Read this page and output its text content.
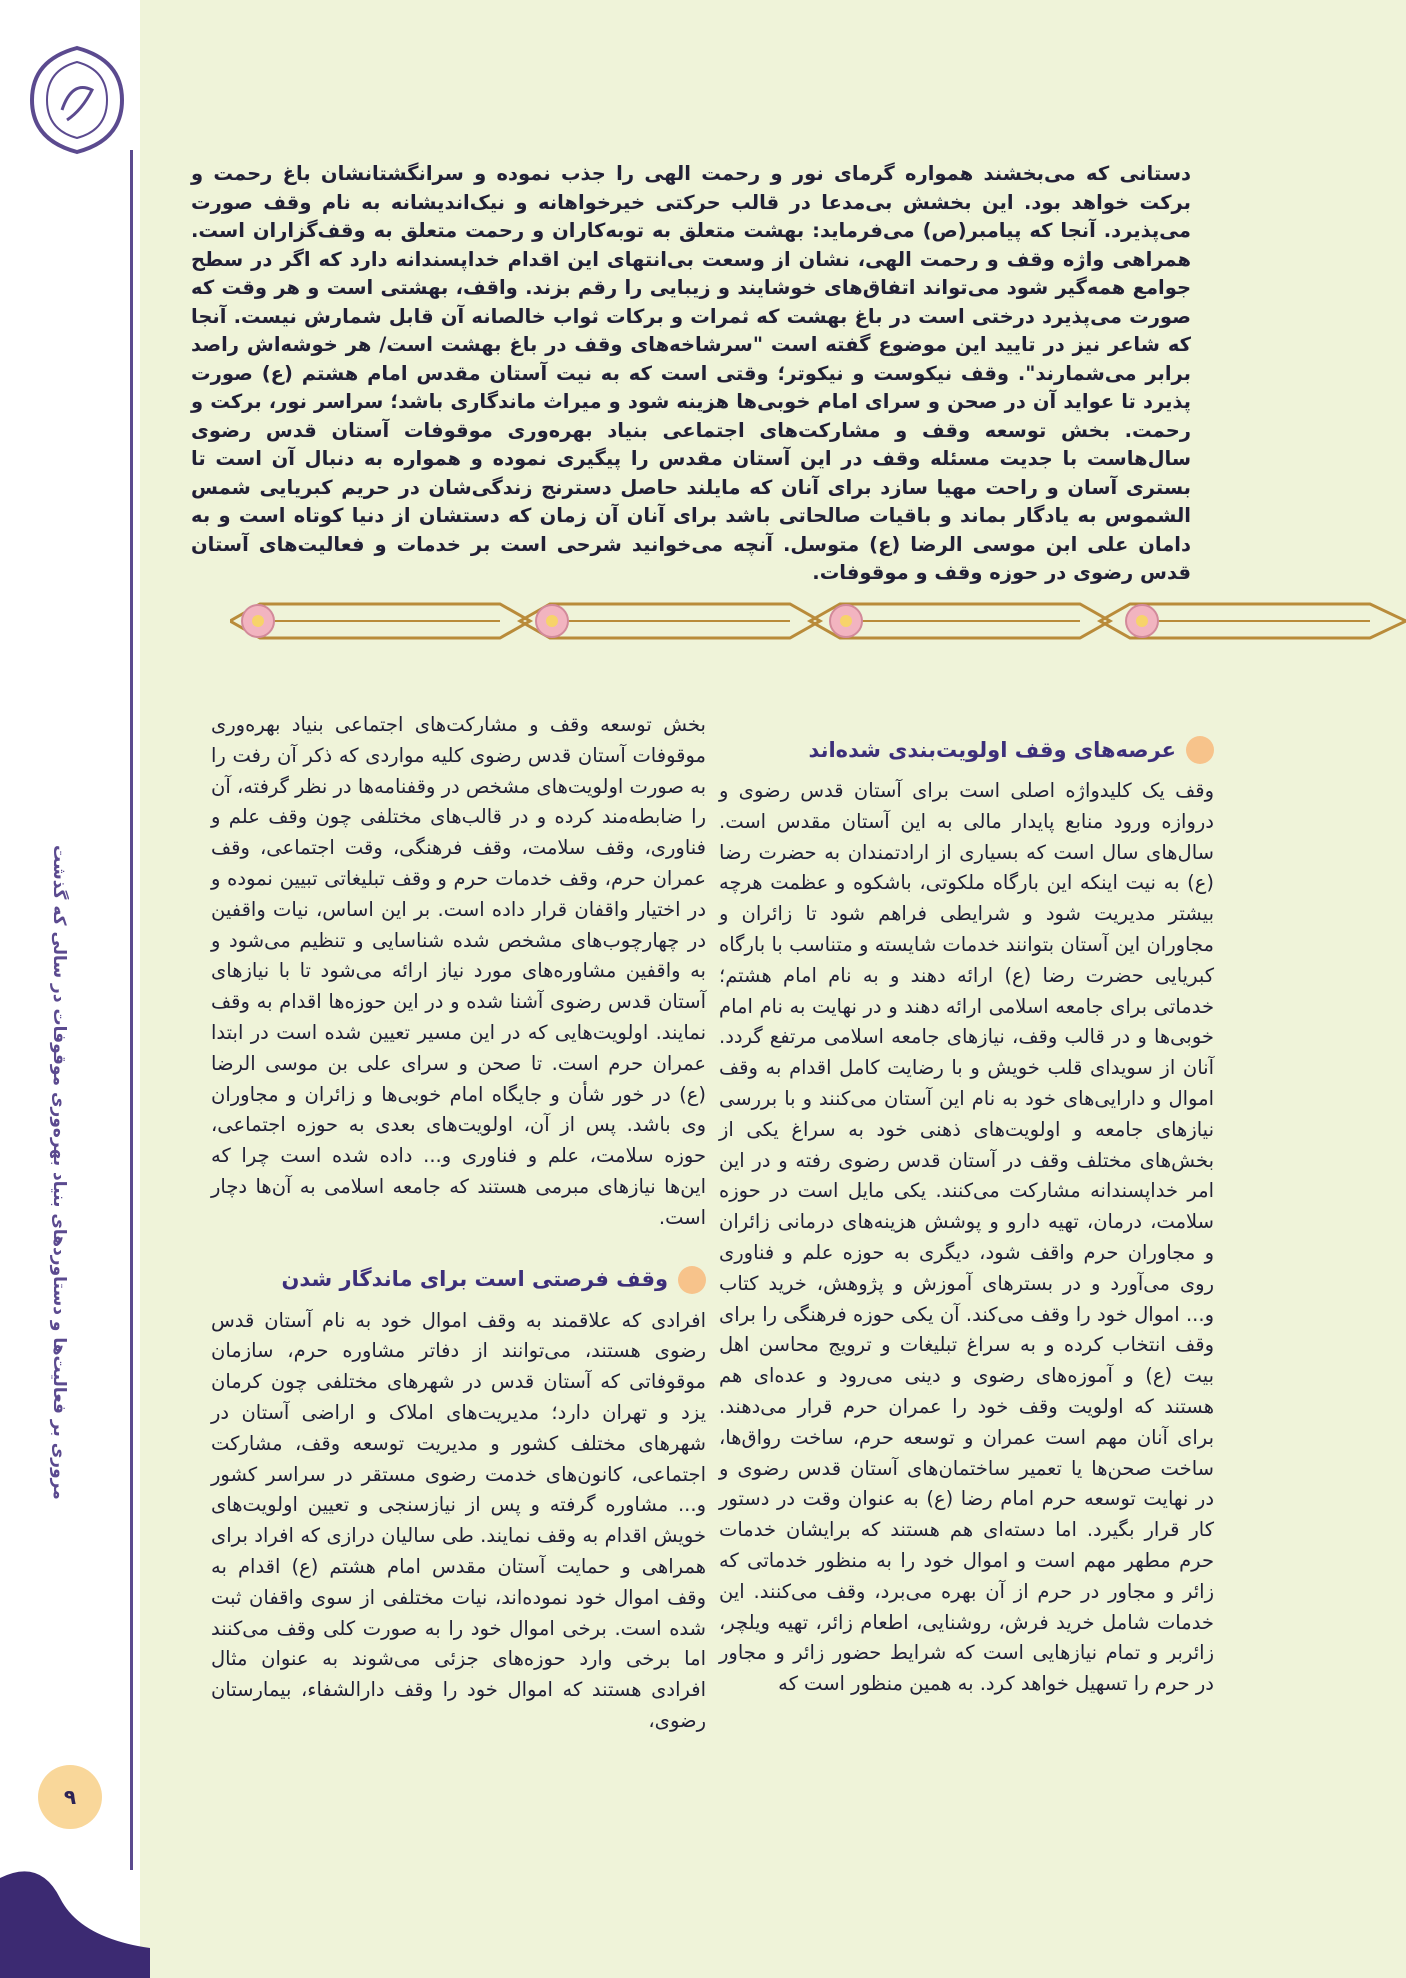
مروری بر فعالیت‌ها و دستاوردهای بنیاد بهره‌وری موقوفات در سالی که گذشت
۹

دستانی که می‌بخشند همواره گرمای نور و رحمت الهی را جذب نموده و سرانگشتانشان باغ رحمت و برکت خواهد بود. این بخشش بی‌مدعا در قالب حرکتی خیرخواهانه و نیک‌اندیشانه به نام وقف صورت می‌پذیرد. آنجا که پیامبر(ص) می‌فرماید: بهشت متعلق به توبه‌کاران و رحمت متعلق به وقف‌گزاران است. همراهی واژه وقف و رحمت الهی، نشان از وسعت بی‌انتهای این اقدام خداپسندانه دارد که اگر در سطح جوامع همه‌گیر شود می‌تواند اتفاق‌های خوشایند و زیبایی را رقم بزند. واقف، بهشتی است و هر وقت که صورت می‌پذیرد درختی است در باغ بهشت که ثمرات و برکات ثواب خالصانه آن قابل شمارش نیست. آنجا که شاعر نیز در تایید این موضوع گفته است "سرشاخه‌های وقف در باغ بهشت است/ هر خوشه‌اش راصد برابر می‌شمارند". وقف نیکوست و نیکوتر؛ وقتی است که به نیت آستان مقدس امام هشتم (ع) صورت پذیرد تا عواید آن در صحن و سرای امام خوبی‌ها هزینه شود و میراث ماندگاری باشد؛ سراسر نور، برکت و رحمت. بخش توسعه وقف و مشارکت‌های اجتماعی بنیاد بهره‌وری موقوفات آستان قدس رضوی سال‌هاست با جدیت مسئله وقف در این آستان مقدس را پیگیری نموده و همواره به دنبال آن است تا بستری آسان و راحت مهیا سازد برای آنان که مایلند حاصل دسترنج زندگی‌شان در حریم کبریایی شمس الشموس به یادگار بماند و باقیات صالحاتی باشد برای آنان آن زمان که دستشان از دنیا کوتاه است و به دامان علی ابن موسی الرضا (ع) متوسل. آنچه می‌خوانید شرحی است بر خدمات و فعالیت‌های آستان قدس رضوی در حوزه وقف و موقوفات.

عرصه‌های وقف اولویت‌بندی شده‌اند

وقف یک کلیدواژه اصلی است برای آستان قدس رضوی و دروازه ورود منابع پایدار مالی به این آستان مقدس است. سال‌های سال است که بسیاری از ارادتمندان به حضرت رضا (ع) به نیت اینکه این بارگاه ملکوتی، باشکوه و عظمت هرچه بیشتر مدیریت شود و شرایطی فراهم شود تا زائران و مجاوران این آستان بتوانند خدمات شایسته و متناسب با بارگاه کبریایی حضرت رضا (ع) ارائه دهند و به نام امام هشتم؛ خدماتی برای جامعه اسلامی ارائه دهند و در نهایت به نام امام خوبی‌ها و در قالب وقف، نیازهای جامعه اسلامی مرتفع گردد. آنان از سویدای قلب خویش و با رضایت کامل اقدام به وقف اموال و دارایی‌های خود به نام این آستان می‌کنند و با بررسی نیازهای جامعه و اولویت‌های ذهنی خود به سراغ یکی از بخش‌های مختلف وقف در آستان قدس رضوی رفته و در این امر خداپسندانه مشارکت می‌کنند. یکی مایل است در حوزه سلامت، درمان، تهیه دارو و پوشش هزینه‌های درمانی زائران و مجاوران حرم واقف شود، دیگری به حوزه علم و فناوری روی می‌آورد و در بسترهای آموزش و پژوهش، خرید کتاب و... اموال خود را وقف می‌کند. آن یکی حوزه فرهنگی را برای وقف انتخاب کرده و به سراغ تبلیغات و ترویج محاسن اهل بیت (ع) و آموزه‌های رضوی و دینی می‌رود و عده‌ای هم هستند که اولویت وقف خود را عمران حرم قرار می‌دهند. برای آنان مهم است عمران و توسعه حرم، ساخت رواق‌ها، ساخت صحن‌ها یا تعمیر ساختمان‌های آستان قدس رضوی و در نهایت توسعه حرم امام رضا (ع) به عنوان وقت در دستور کار قرار بگیرد. اما دسته‌ای هم هستند که برایشان خدمات حرم مطهر مهم است و اموال خود را به منظور خدماتی که زائر و مجاور در حرم از آن بهره می‌برد، وقف می‌کنند. این خدمات شامل خرید فرش، روشنایی، اطعام زائر، تهیه ویلچر، زائربر و تمام نیازهایی است که شرایط حضور زائر و مجاور در حرم را تسهیل خواهد کرد. به همین منظور است که

بخش توسعه وقف و مشارکت‌های اجتماعی بنیاد بهره‌وری موقوفات آستان قدس رضوی کلیه مواردی که ذکر آن رفت را به صورت اولویت‌های مشخص در وقفنامه‌ها در نظر گرفته، آن را ضابطه‌مند کرده و در قالب‌های مختلفی چون وقف علم و فناوری، وقف سلامت، وقف فرهنگی، وقت اجتماعی، وقف عمران حرم، وقف خدمات حرم و وقف تبلیغاتی تبیین نموده و در اختیار واقفان قرار داده است. بر این اساس، نیات واقفین در چهارچوب‌های مشخص شده شناسایی و تنظیم می‌شود و به واقفین مشاوره‌های مورد نیاز ارائه می‌شود تا با نیازهای آستان قدس رضوی آشنا شده و در این حوزه‌ها اقدام به وقف نمایند. اولویت‌هایی که در این مسیر تعیین شده است در ابتدا عمران حرم است. تا صحن و سرای علی بن موسی الرضا (ع) در خور شأن و جایگاه امام خوبی‌ها و زائران و مجاوران وی باشد. پس از آن، اولویت‌های بعدی به حوزه اجتماعی، حوزه سلامت، علم و فناوری و... داده شده است چرا که این‌ها نیازهای مبرمی هستند که جامعه اسلامی به آن‌ها دچار است.

وقف فرصتی است برای ماندگار شدن

افرادی که علاقمند به وقف اموال خود به نام آستان قدس رضوی هستند، می‌توانند از دفاتر مشاوره حرم، سازمان موقوفاتی که آستان قدس در شهرهای مختلفی چون کرمان یزد و تهران دارد؛ مدیریت‌های املاک و اراضی آستان در شهرهای مختلف کشور و مدیریت توسعه وقف، مشارکت اجتماعی، کانون‌های خدمت رضوی مستقر در سراسر کشور و... مشاوره گرفته و پس از نیازسنجی و تعیین اولویت‌های خویش اقدام به وقف نمایند. طی سالیان درازی که افراد برای همراهی و حمایت آستان مقدس امام هشتم (ع) اقدام به وقف اموال خود نموده‌اند، نیات مختلفی از سوی واقفان ثبت شده است. برخی اموال خود را به صورت کلی وقف می‌کنند اما برخی وارد حوزه‌های جزئی می‌شوند به عنوان مثال افرادی هستند که اموال خود را وقف دارالشفاء، بیمارستان رضوی،
